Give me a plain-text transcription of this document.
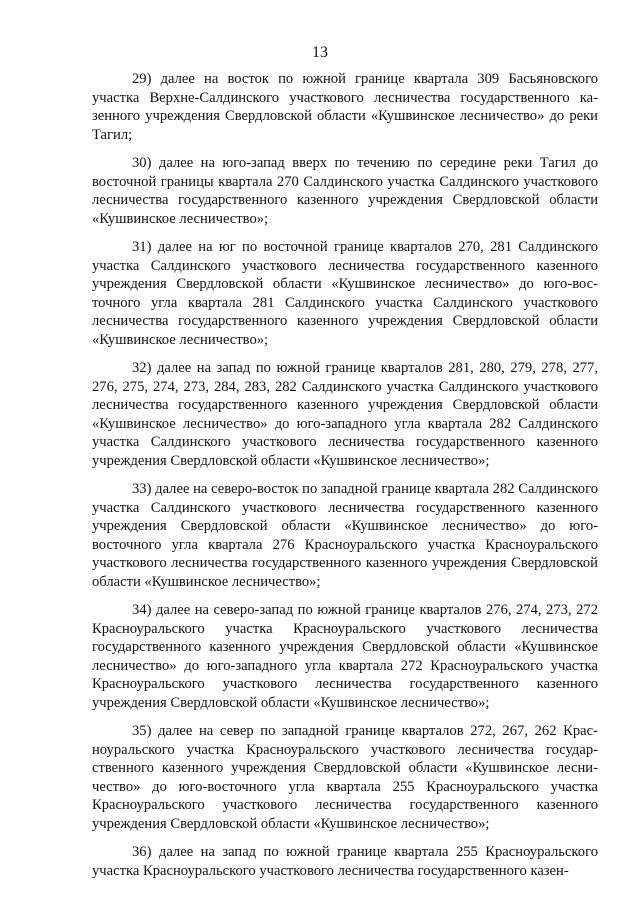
13

29) далее на восток по южной границе квартала 309 Басьяновского участка Верхне-Салдинского участкового лесничества государственного казенного учреждения Свердловской области «Кушвинское лесничество» до реки Тагил;

30) далее на юго-запад вверх по течению по середине реки Тагил до восточной границы квартала 270 Салдинского участка Салдинского участкового лесничества государственного казенного учреждения Свердловской области «Кушвинское лесничество»;

31) далее на юг по восточной границе кварталов 270, 281 Салдинского участка Салдинского участкового лесничества государственного казенного учреждения Свердловской области «Кушвинское лесничество» до юго-восточного угла квартала 281 Салдинского участка Салдинского участкового лесничества государственного казенного учреждения Свердловской области «Кушвинское лесничество»;

32) далее на запад по южной границе кварталов 281, 280, 279, 278, 277, 276, 275, 274, 273, 284, 283, 282 Салдинского участка Салдинского участкового лесничества государственного казенного учреждения Свердловской области «Кушвинское лесничество» до юго-западного угла квартала 282 Салдинского участка Салдинского участкового лесничества государственного казенного учреждения Свердловской области «Кушвинское лесничество»;

33) далее на северо-восток по западной границе квартала 282 Салдинского участка Салдинского участкового лесничества государственного казенного учреждения Свердловской области «Кушвинское лесничество» до юго-восточного угла квартала 276 Красноуральского участка Красноуральского участкового лесничества государственного казенного учреждения Свердловской области «Кушвинское лесничество»;

34) далее на северо-запад по южной границе кварталов 276, 274, 273, 272 Красноуральского участка Красноуральского участкового лесничества государственного казенного учреждения Свердловской области «Кушвинское лесничество» до юго-западного угла квартала 272 Красноуральского участка Красноуральского участкового лесничества государственного казенного учреждения Свердловской области «Кушвинское лесничество»;

35) далее на север по западной границе кварталов 272, 267, 262 Красноуральского участка Красноуральского участкового лесничества государственного казенного учреждения Свердловской области «Кушвинское лесничество» до юго-восточного угла квартала 255 Красноуральского участка Красноуральского участкового лесничества государственного казенного учреждения Свердловской области «Кушвинское лесничество»;

36) далее на запад по южной границе квартала 255 Красноуральского участка Красноуральского участкового лесничества государственного казен-
